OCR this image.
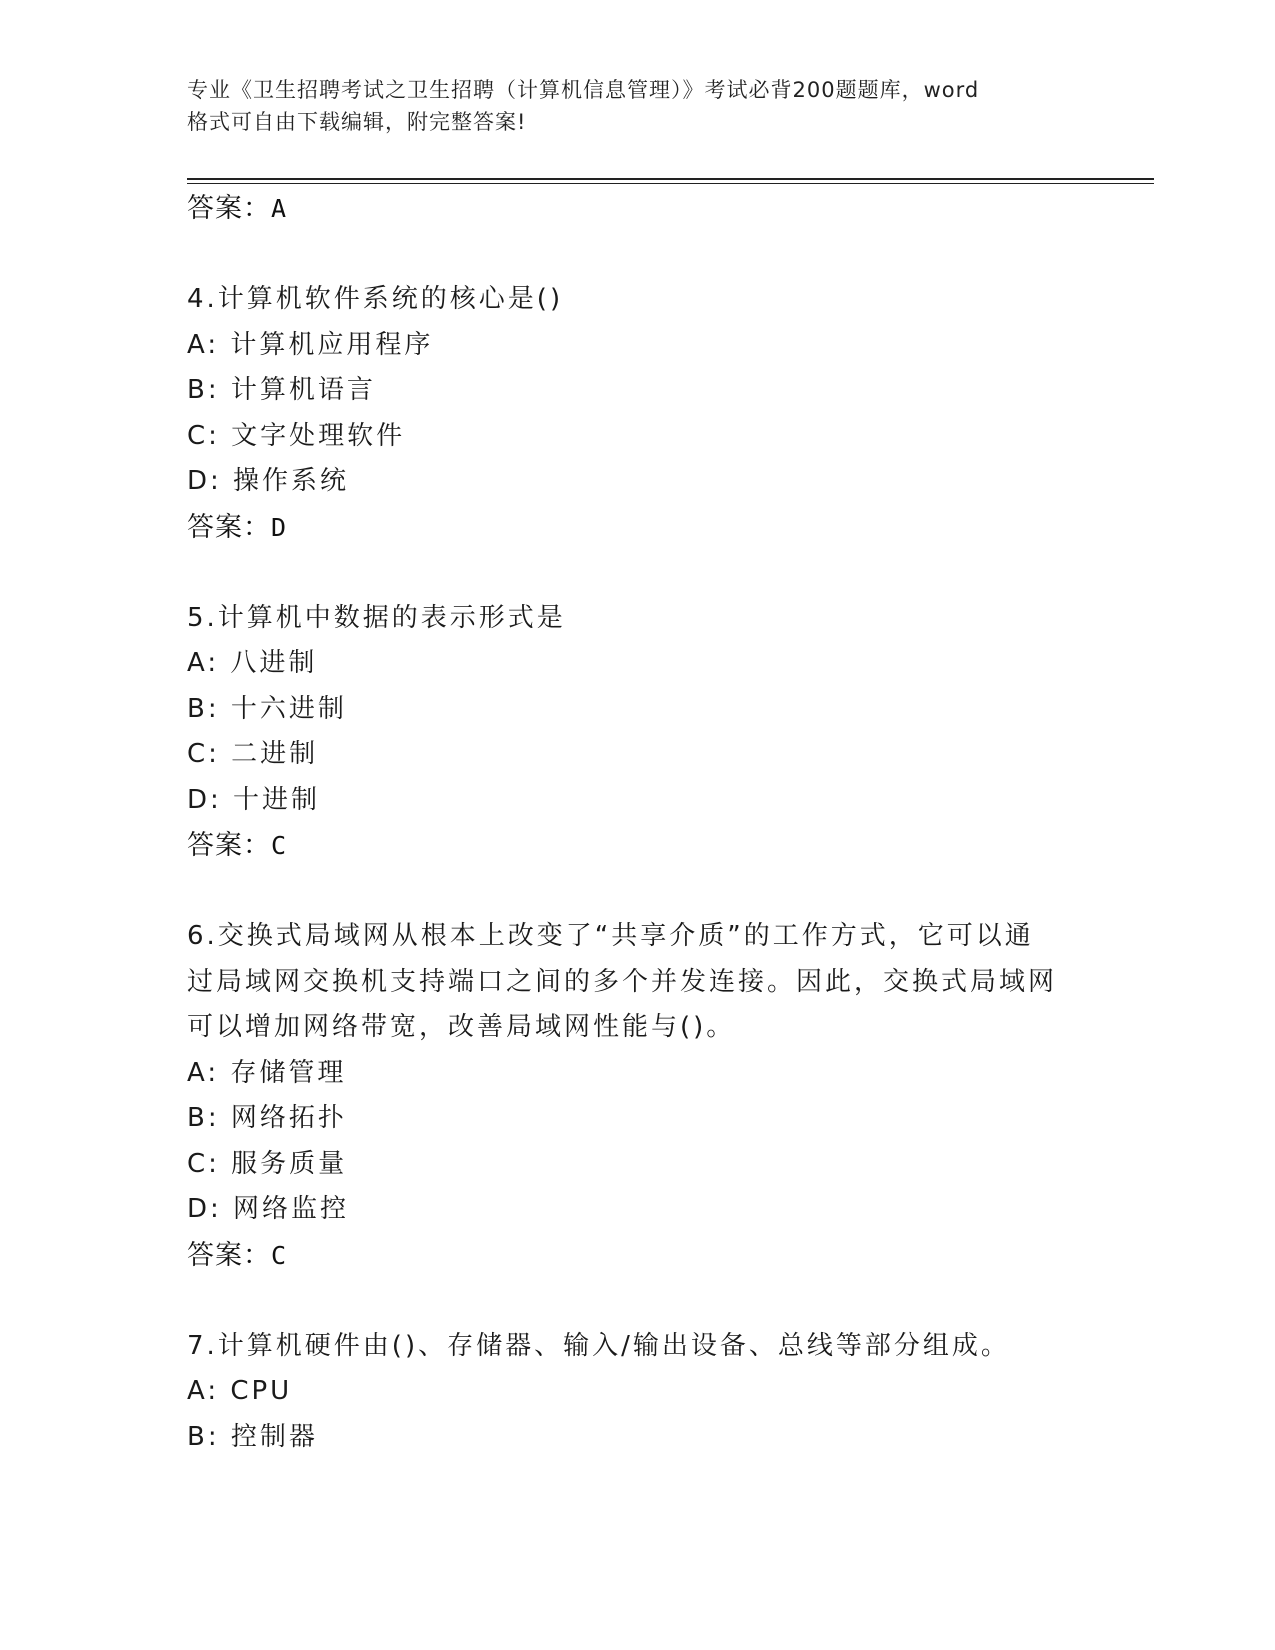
专业《卫生招聘考试之卫生招聘（计算机信息管理）》考试必背200题题库，word
格式可自由下载编辑，附完整答案!
答案：A
4.计算机软件系统的核心是()
A: 计算机应用程序
B: 计算机语言
C: 文字处理软件
D: 操作系统
答案：D
5.计算机中数据的表示形式是
A: 八进制
B: 十六进制
C: 二进制
D: 十进制
答案：C
6.交换式局域网从根本上改变了“共享介质”的工作方式，它可以通
过局域网交换机支持端口之间的多个并发连接。因此，交换式局域网
可以增加网络带宽，改善局域网性能与()。
A: 存储管理
B: 网络拓扑
C: 服务质量
D: 网络监控
答案：C
7.计算机硬件由()、存储器、输入/输出设备、总线等部分组成。
A: CPU
B: 控制器
